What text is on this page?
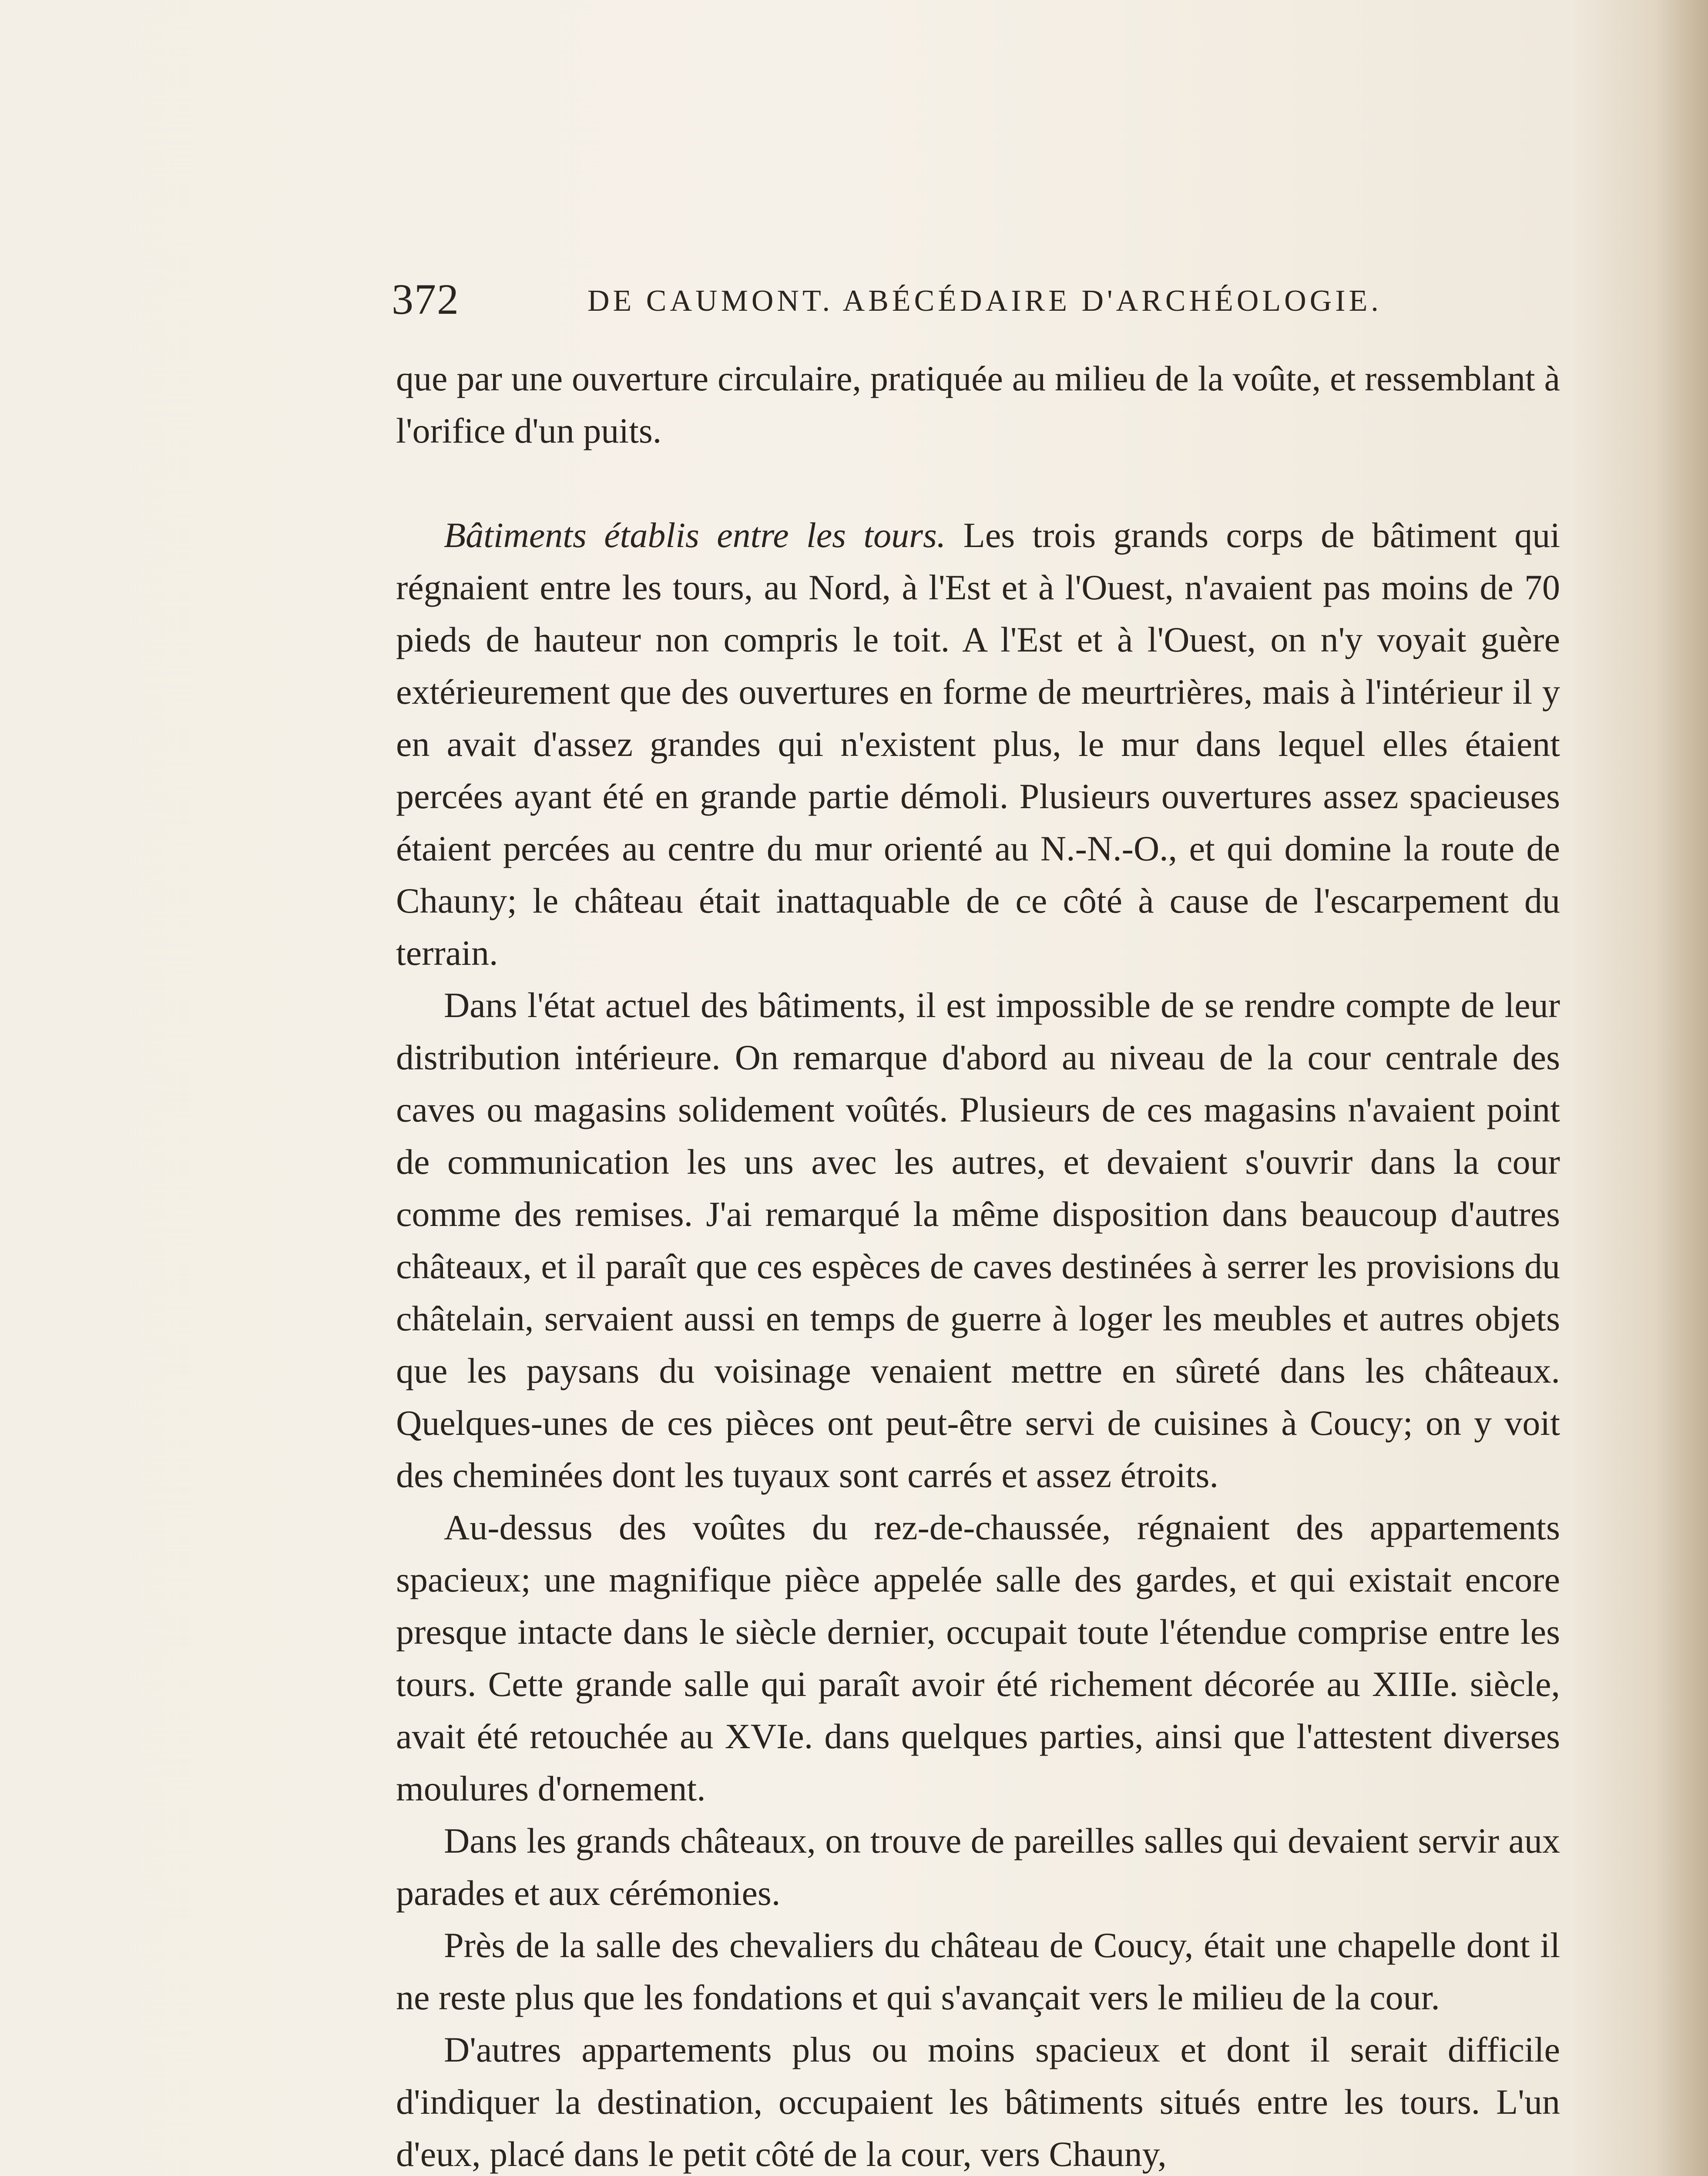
372	DE CAUMONT. ABÉCÉDAIRE D'ARCHÉOLOGIE.

que par une ouverture circulaire, pratiquée au milieu de la voûte, et ressemblant à l'orifice d'un puits.

Bâtiments établis entre les tours. Les trois grands corps de bâtiment qui régnaient entre les tours, au Nord, à l'Est et à l'Ouest, n'avaient pas moins de 70 pieds de hauteur non compris le toit. A l'Est et à l'Ouest, on n'y voyait guère extérieurement que des ouvertures en forme de meurtrières, mais à l'intérieur il y en avait d'assez grandes qui n'existent plus, le mur dans lequel elles étaient percées ayant été en grande partie démoli. Plusieurs ouvertures assez spacieuses étaient percées au centre du mur orienté au N.-N.-O., et qui domine la route de Chauny; le château était inattaquable de ce côté à cause de l'escarpement du terrain.

Dans l'état actuel des bâtiments, il est impossible de se rendre compte de leur distribution intérieure. On remarque d'abord au niveau de la cour centrale des caves ou magasins solidement voûtés. Plusieurs de ces magasins n'avaient point de communication les uns avec les autres, et devaient s'ouvrir dans la cour comme des remises. J'ai remarqué la même disposition dans beaucoup d'autres châteaux, et il paraît que ces espèces de caves destinées à serrer les provisions du châtelain, servaient aussi en temps de guerre à loger les meubles et autres objets que les paysans du voisinage venaient mettre en sûreté dans les châteaux. Quelques-unes de ces pièces ont peut-être servi de cuisines à Coucy; on y voit des cheminées dont les tuyaux sont carrés et assez étroits.

Au-dessus des voûtes du rez-de-chaussée, régnaient des appartements spacieux; une magnifique pièce appelée salle des gardes, et qui existait encore presque intacte dans le siècle dernier, occupait toute l'étendue comprise entre les tours. Cette grande salle qui paraît avoir été richement décorée au XIIIe. siècle, avait été retouchée au XVIe. dans quelques parties, ainsi que l'attestent diverses moulures d'ornement.

Dans les grands châteaux, on trouve de pareilles salles qui devaient servir aux parades et aux cérémonies.

Près de la salle des chevaliers du château de Coucy, était une chapelle dont il ne reste plus que les fondations et qui s'avançait vers le milieu de la cour.

D'autres appartements plus ou moins spacieux et dont il serait difficile d'indiquer la destination, occupaient les bâtiments situés entre les tours. L'un d'eux, placé dans le petit côté de la cour, vers Chauny,
